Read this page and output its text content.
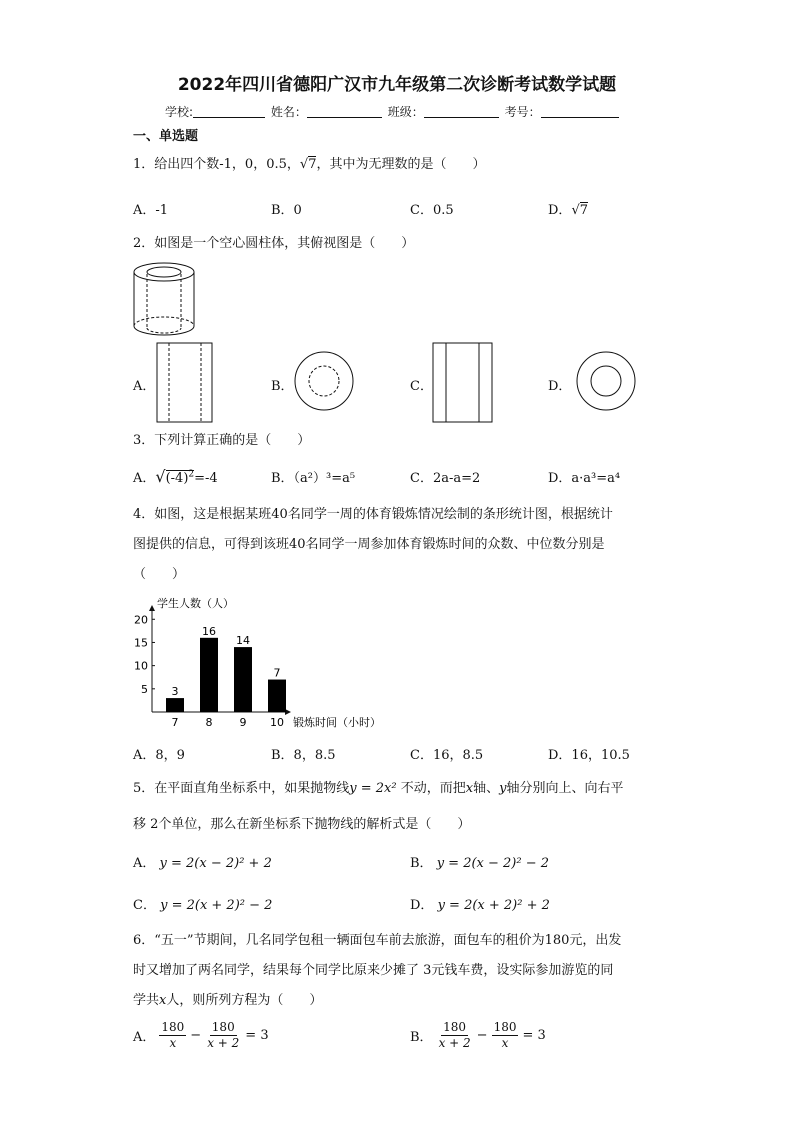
2022年四川省德阳广汉市九年级第二次诊断考试数学试题
学校:	姓名：	班级：	考号：
一、单选题
1．给出四个数-1，0，0.5，√7，其中为无理数的是（　　）
A．-1	B．0	C．0.5	D．√7
2．如图是一个空心圆柱体，其俯视图是（　　）
A．	B．	C．	D．
3．下列计算正确的是（　　）
A．$√(-4)^2=-4$	B．（a²）³=a⁵	C．2a-a=2	D．a·a³=a⁴
4．如图，这是根据某班40名同学一周的体育锻炼情况绘制的条形统计图，根据统计
图提供的信息，可得到该班40名同学一周参加体育锻炼时间的众数、中位数分别是
（　　）
学生人数（人）
锻炼时间（小时）
5
10
15
20
3
7
16
8
14
9
7
10
A．8，9	B．8，8.5	C．16，8.5	D．16，10.5
5．在平面直角坐标系中，如果抛物线y = 2x² 不动，而把x轴、y轴分别向上、向右平
移 2个单位，那么在新坐标系下抛物线的解析式是（　　）
A． y = 2(x − 2)² + 2	B． y = 2(x − 2)² − 2
C． y = 2(x + 2)² − 2	D． y = 2(x + 2)² + 2
6．“五一”节期间，几名同学包租一辆面包车前去旅游，面包车的租价为180元，出发
时又增加了两名同学，结果每个同学比原来少摊了 3元钱车费，设实际参加游览的同
学共x人，则所列方程为（　　）
A． $\frac{180}{x} - \frac{180}{x + 2} = 3$	B． $\frac{180}{x + 2} - \frac{180}{x} = 3$
